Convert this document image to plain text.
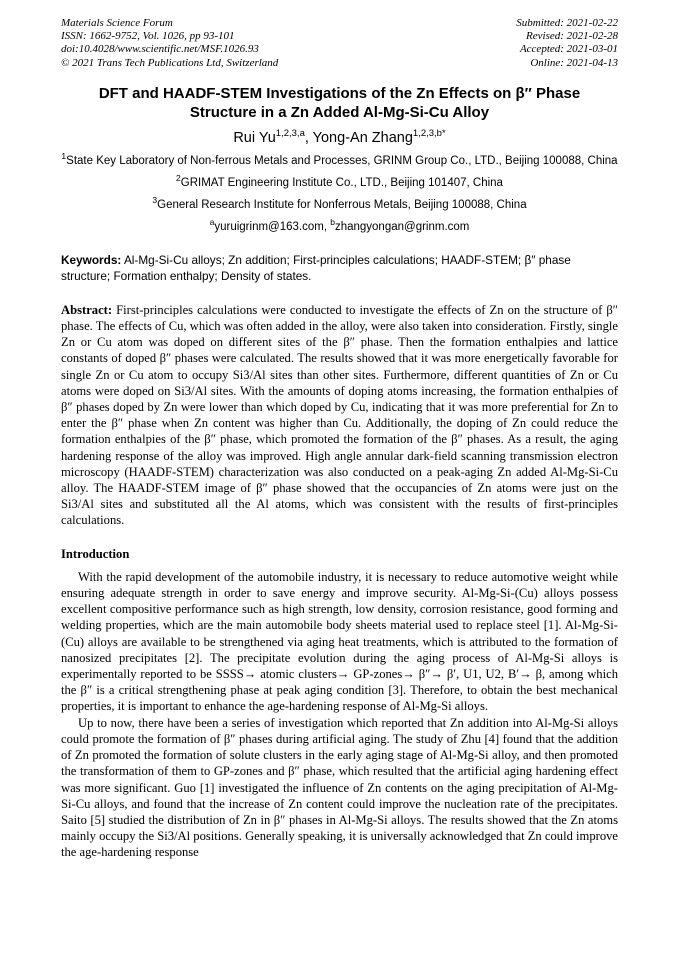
Materials Science Forum
ISSN: 1662-9752, Vol. 1026, pp 93-101
doi:10.4028/www.scientific.net/MSF.1026.93
© 2021 Trans Tech Publications Ltd, Switzerland
Submitted: 2021-02-22
Revised: 2021-02-28
Accepted: 2021-03-01
Online: 2021-04-13
DFT and HAADF-STEM Investigations of the Zn Effects on β″ Phase Structure in a Zn Added Al-Mg-Si-Cu Alloy
Rui Yu$^{1,2,3,a}$, Yong-An Zhang$^{1,2,3,b*}$
$^1$State Key Laboratory of Non-ferrous Metals and Processes, GRINM Group Co., LTD., Beijing 100088, China
$^2$GRIMAT Engineering Institute Co., LTD., Beijing 101407, China
$^3$General Research Institute for Nonferrous Metals, Beijing 100088, China
$^a$yuruigrinm@163.com, $^b$zhangyongan@grinm.com

Keywords: Al-Mg-Si-Cu alloys; Zn addition; First-principles calculations; HAADF-STEM; β″ phase structure; Formation enthalpy; Density of states.

Abstract: First-principles calculations were conducted to investigate the effects of Zn on the structure of β″ phase. The effects of Cu, which was often added in the alloy, were also taken into consideration. Firstly, single Zn or Cu atom was doped on different sites of the β″ phase. Then the formation enthalpies and lattice constants of doped β″ phases were calculated. The results showed that it was more energetically favorable for single Zn or Cu atom to occupy Si3/Al sites than other sites. Furthermore, different quantities of Zn or Cu atoms were doped on Si3/Al sites. With the amounts of doping atoms increasing, the formation enthalpies of β″ phases doped by Zn were lower than which doped by Cu, indicating that it was more preferential for Zn to enter the β″ phase when Zn content was higher than Cu. Additionally, the doping of Zn could reduce the formation enthalpies of the β″ phase, which promoted the formation of the β″ phases. As a result, the aging hardening response of the alloy was improved. High angle annular dark-field scanning transmission electron microscopy (HAADF-STEM) characterization was also conducted on a peak-aging Zn added Al-Mg-Si-Cu alloy. The HAADF-STEM image of β″ phase showed that the occupancies of Zn atoms were just on the Si3/Al sites and substituted all the Al atoms, which was consistent with the results of first-principles calculations.

Introduction

With the rapid development of the automobile industry, it is necessary to reduce automotive weight while ensuring adequate strength in order to save energy and improve security. Al-Mg-Si-(Cu) alloys possess excellent compositive performance such as high strength, low density, corrosion resistance, good forming and welding properties, which are the main automobile body sheets material used to replace steel [1]. Al-Mg-Si-(Cu) alloys are available to be strengthened via aging heat treatments, which is attributed to the formation of nanosized precipitates [2]. The precipitate evolution during the aging process of Al-Mg-Si alloys is experimentally reported to be SSSS→ atomic clusters→ GP-zones→ β″→ β′, U1, U2, B′→ β, among which the β″ is a critical strengthening phase at peak aging condition [3]. Therefore, to obtain the best mechanical properties, it is important to enhance the age-hardening response of Al-Mg-Si alloys.

Up to now, there have been a series of investigation which reported that Zn addition into Al-Mg-Si alloys could promote the formation of β″ phases during artificial aging. The study of Zhu [4] found that the addition of Zn promoted the formation of solute clusters in the early aging stage of Al-Mg-Si alloy, and then promoted the transformation of them to GP-zones and β″ phase, which resulted that the artificial aging hardening effect was more significant. Guo [1] investigated the influence of Zn contents on the aging precipitation of Al-Mg-Si-Cu alloys, and found that the increase of Zn content could improve the nucleation rate of the precipitates. Saito [5] studied the distribution of Zn in β″ phases in Al-Mg-Si alloys. The results showed that the Zn atoms mainly occupy the Si3/Al positions. Generally speaking, it is universally acknowledged that Zn could improve the age-hardening response
